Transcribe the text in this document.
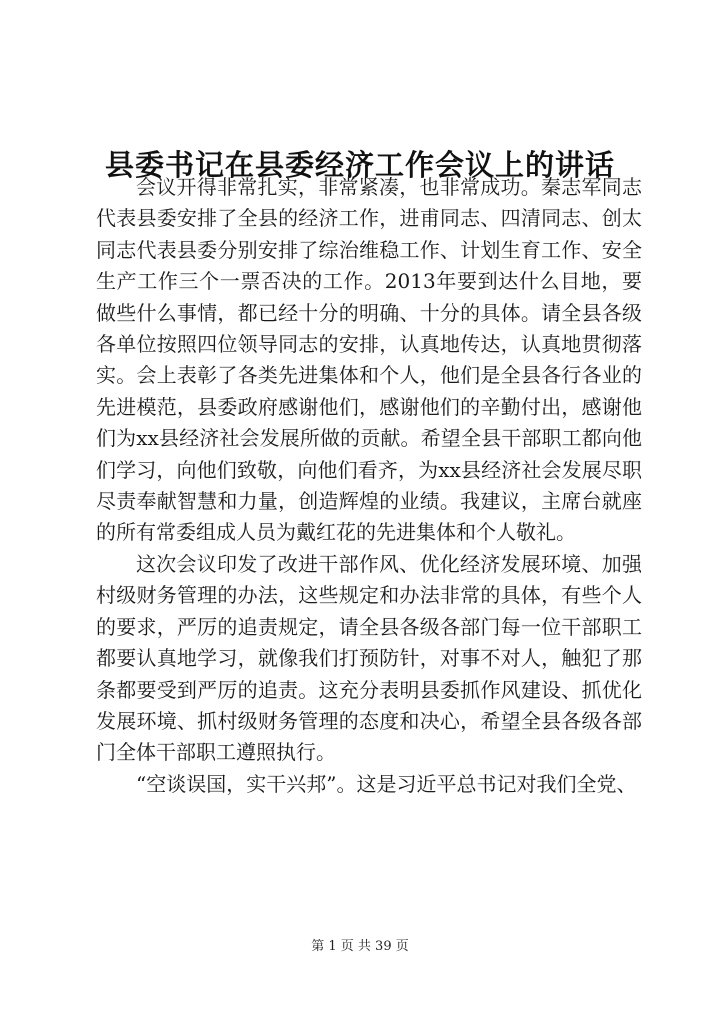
县委书记在县委经济工作会议上的讲话

会议开得非常扎实，非常紧凑，也非常成功。秦志军同志代表县委安排了全县的经济工作，进甫同志、四清同志、创太同志代表县委分别安排了综治维稳工作、计划生育工作、安全生产工作三个一票否决的工作。2013年要到达什么目地，要做些什么事情，都已经十分的明确、十分的具体。请全县各级各单位按照四位领导同志的安排，认真地传达，认真地贯彻落实。会上表彰了各类先进集体和个人，他们是全县各行各业的先进模范，县委政府感谢他们，感谢他们的辛勤付出，感谢他们为xx县经济社会发展所做的贡献。希望全县干部职工都向他们学习，向他们致敬，向他们看齐，为xx县经济社会发展尽职尽责奉献智慧和力量，创造辉煌的业绩。我建议，主席台就座的所有常委组成人员为戴红花的先进集体和个人敬礼。

这次会议印发了改进干部作风、优化经济发展环境、加强村级财务管理的办法，这些规定和办法非常的具体，有些个人的要求，严厉的追责规定，请全县各级各部门每一位干部职工都要认真地学习，就像我们打预防针，对事不对人，触犯了那条都要受到严厉的追责。这充分表明县委抓作风建设、抓优化发展环境、抓村级财务管理的态度和决心，希望全县各级各部门全体干部职工遵照执行。

“空谈误国，实干兴邦”。这是习近平总书记对我们全党、

第 1 页 共 39 页
